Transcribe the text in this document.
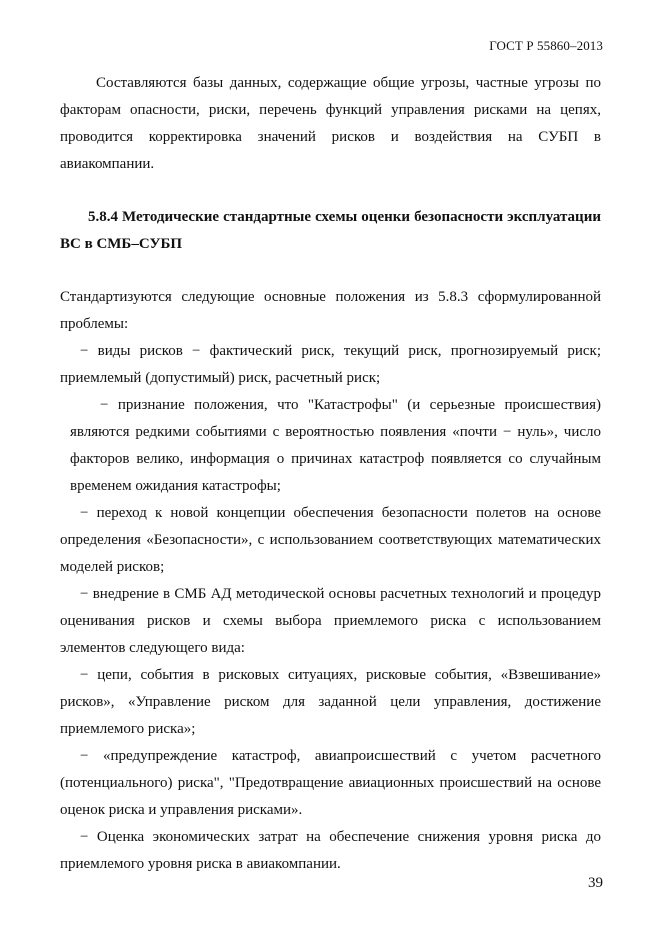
ГОСТ Р 55860–2013

Составляются базы данных, содержащие общие угрозы, частные угрозы по факторам опасности, риски, перечень функций управления рисками на цепях, проводится корректировка значений рисков и воздействия на СУБП в авиакомпании.

5.8.4 Методические стандартные схемы оценки безопасности эксплуатации ВС в СМБ–СУБП

Стандартизуются следующие основные положения из 5.8.3 сформулированной проблемы:

− виды рисков − фактический риск, текущий риск, прогнозируемый риск; приемлемый (допустимый) риск, расчетный риск;

− признание положения, что "Катастрофы" (и серьезные происшествия) являются редкими событиями с вероятностью появления «почти − нуль», число факторов велико, информация о причинах катастроф появляется со случайным временем ожидания катастрофы;

− переход к новой концепции обеспечения безопасности полетов на основе определения «Безопасности», с использованием соответствующих математических моделей рисков;

− внедрение в СМБ АД методической основы расчетных технологий и процедур оценивания рисков и схемы выбора приемлемого риска с использованием элементов следующего вида:

− цепи, события в рисковых ситуациях, рисковые события, «Взвешивание» рисков», «Управление риском для заданной цели управления, достижение приемлемого риска»;

− «предупреждение катастроф, авиапроисшествий с учетом расчетного (потенциального) риска", "Предотвращение авиационных происшествий на основе оценок риска и управления рисками».

− Оценка экономических затрат на обеспечение снижения уровня риска до приемлемого уровня риска в авиакомпании.

39
